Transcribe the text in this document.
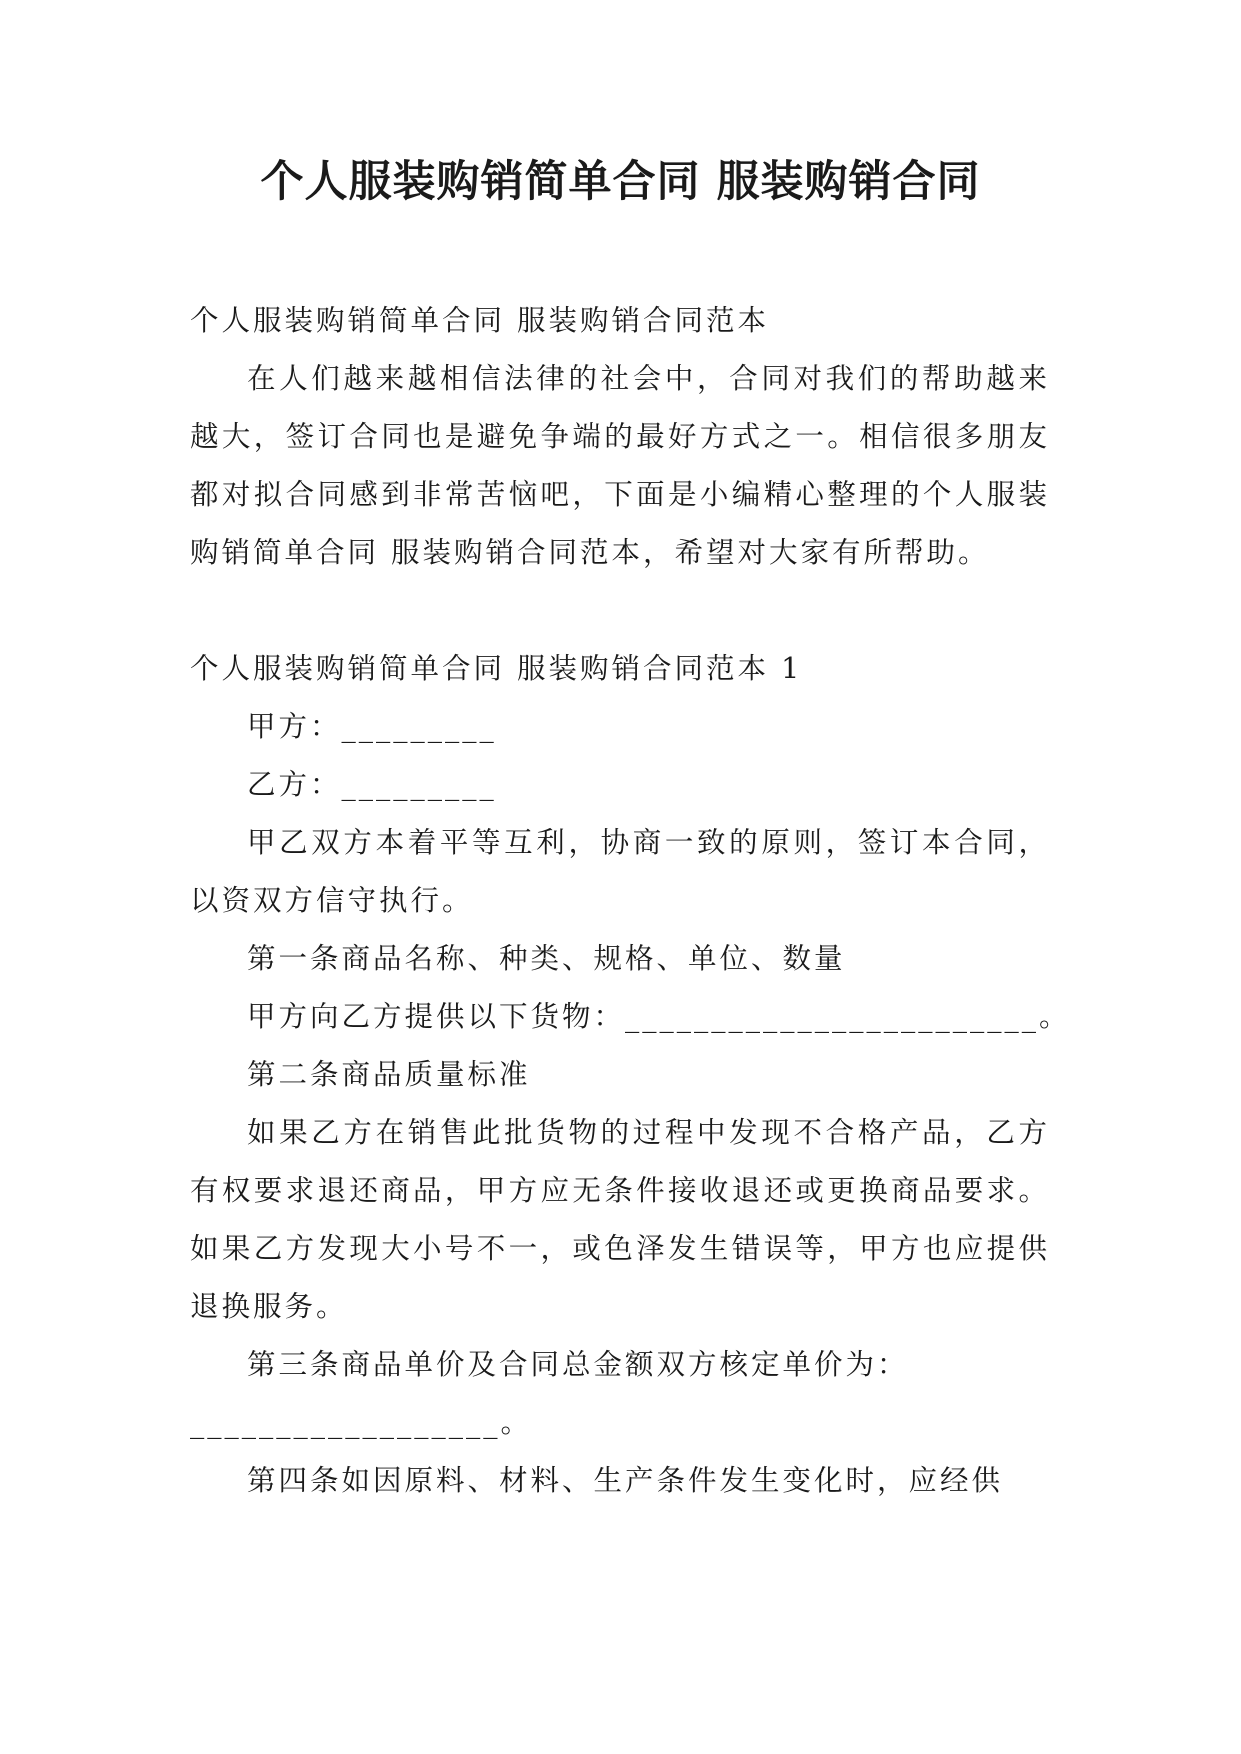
个人服装购销简单合同 服装购销合同

个人服装购销简单合同 服装购销合同范本

在人们越来越相信法律的社会中，合同对我们的帮助越来越大，签订合同也是避免争端的最好方式之一。相信很多朋友都对拟合同感到非常苦恼吧，下面是小编精心整理的个人服装购销简单合同 服装购销合同范本，希望对大家有所帮助。

个人服装购销简单合同 服装购销合同范本 1

甲方：_________

乙方：_________

甲乙双方本着平等互利，协商一致的原则，签订本合同，以资双方信守执行。

第一条商品名称、种类、规格、单位、数量

甲方向乙方提供以下货物：________________________。

第二条商品质量标准

如果乙方在销售此批货物的过程中发现不合格产品，乙方有权要求退还商品，甲方应无条件接收退还或更换商品要求。如果乙方发现大小号不一，或色泽发生错误等，甲方也应提供退换服务。

第三条商品单价及合同总金额双方核定单价为：

__________________。

第四条如因原料、材料、生产条件发生变化时，应经供
